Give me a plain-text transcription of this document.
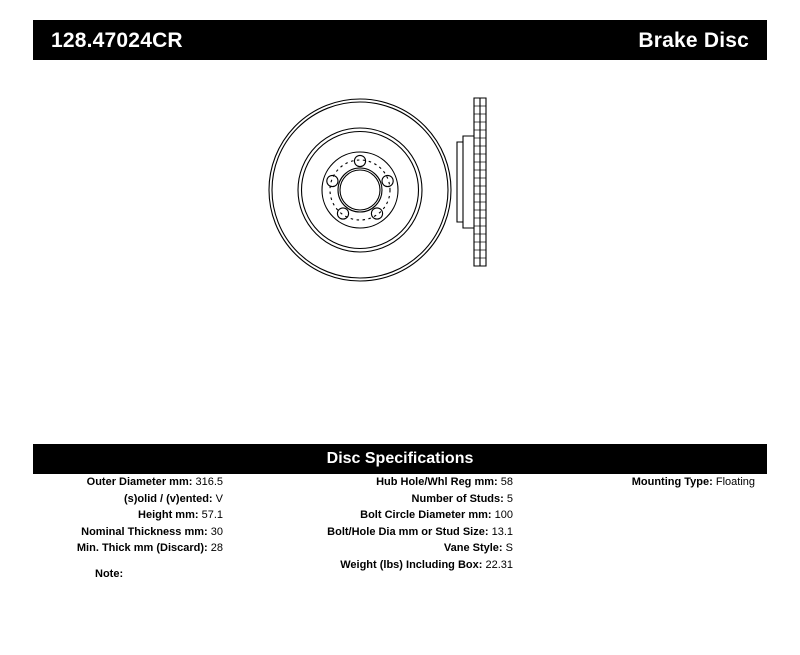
128.47024CR	Brake Disc
Disc Specifications
Outer Diameter mm: 316.5
(s)olid / (v)ented: V
Height mm: 57.1
Nominal Thickness mm: 30
Min. Thick mm (Discard): 28
Hub Hole/Whl Reg mm: 58
Number of Studs: 5
Bolt Circle Diameter mm: 100
Bolt/Hole Dia mm or Stud Size: 13.1
Vane Style: S
Weight (lbs) Including Box: 22.31
Mounting Type: Floating
Note:
